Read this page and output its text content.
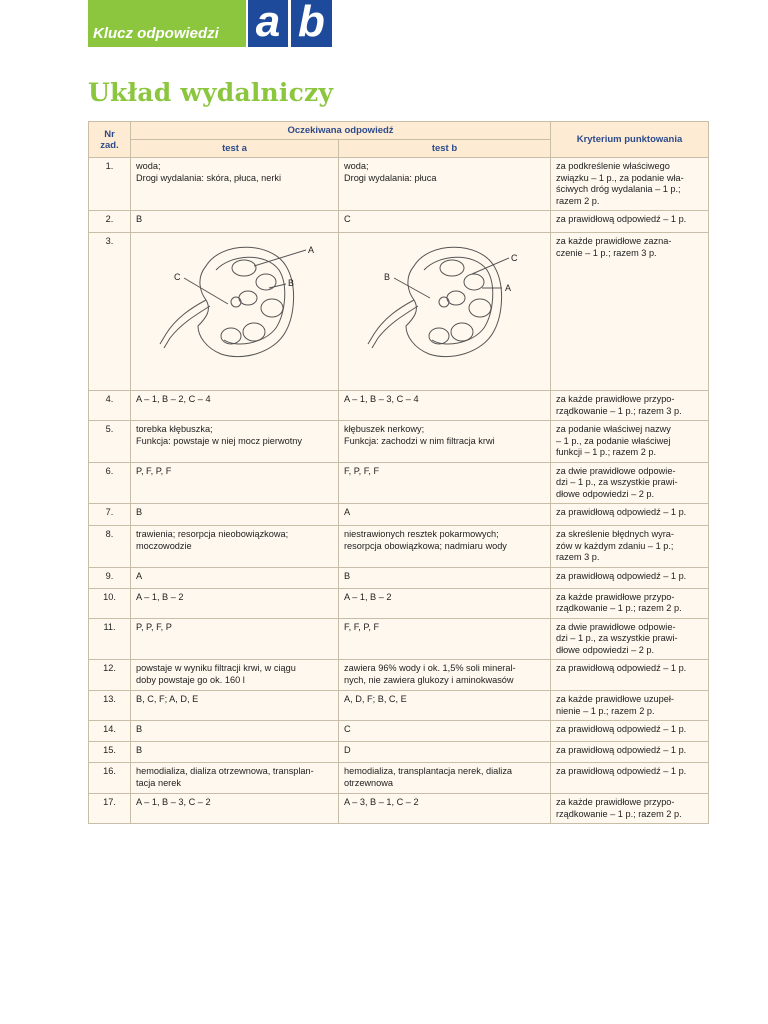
Klucz odpowiedzi a b
Układ wydalniczy
Nr
zad.	Oczekiwana odpowiedź		Kryterium punktowania
	test a	test b	
1.	woda;
Drogi wydalania: skóra, płuca, nerki	woda;
Drogi wydalania: płuca	za podkreślenie właściwego
związku – 1 p., za podanie wła-
ściwych dróg wydalania – 1 p.;
razem 2 p.
2.	B	C	za prawidłową odpowiedź – 1 p.
3.	A
C
B	C
B
A	za każde prawidłowe zazna-
czenie – 1 p.; razem 3 p.
4.	A – 1, B – 2, C – 4	A – 1, B – 3, C – 4	za każde prawidłowe przypo-
rządkowanie – 1 p.; razem 3 p.
5.	torebka kłębuszka;
Funkcja: powstaje w niej mocz pierwotny	kłębuszek nerkowy;
Funkcja: zachodzi w nim filtracja krwi	za podanie właściwej nazwy
– 1 p., za podanie właściwej
funkcji – 1 p.; razem 2 p.
6.	P, F, P, F	F, P, F, F	za dwie prawidłowe odpowie-
dzi – 1 p., za wszystkie prawi-
dłowe odpowiedzi – 2 p.
7.	B	A	za prawidłową odpowiedź – 1 p.
8.	trawienia; resorpcja nieobowiązkowa;
moczowodzie	niestrawionych resztek pokarmowych;
resorpcja obowiązkowa; nadmiaru wody	za skreślenie błędnych wyra-
zów w każdym zdaniu – 1 p.;
razem 3 p.
9.	A	B	za prawidłową odpowiedź – 1 p.
10.	A – 1, B – 2	A – 1, B – 2	za każde prawidłowe przypo-
rządkowanie – 1 p.; razem 2 p.
11.	P, P, F, P	F, F, P, F	za dwie prawidłowe odpowie-
dzi – 1 p., za wszystkie prawi-
dłowe odpowiedzi – 2 p.
12.	powstaje w wyniku filtracji krwi, w ciągu
doby powstaje go ok. 160 l	zawiera 96% wody i ok. 1,5% soli mineral-
nych, nie zawiera glukozy i aminokwasów	za prawidłową odpowiedź – 1 p.
13.	B, C, F; A, D, E	A, D, F; B, C, E	za każde prawidłowe uzupeł-
nienie – 1 p.; razem 2 p.
14.	B	C	za prawidłową odpowiedź – 1 p.
15.	B	D	za prawidłową odpowiedź – 1 p.
16.	hemodializa, dializa otrzewnowa, transplan-
tacja nerek	hemodializa, transplantacja nerek, dializa
otrzewnowa	za prawidłową odpowiedź – 1 p.
17.	A – 1, B – 3, C – 2	A – 3, B – 1, C – 2	za każde prawidłowe przypo-
rządkowanie – 1 p.; razem 2 p.
